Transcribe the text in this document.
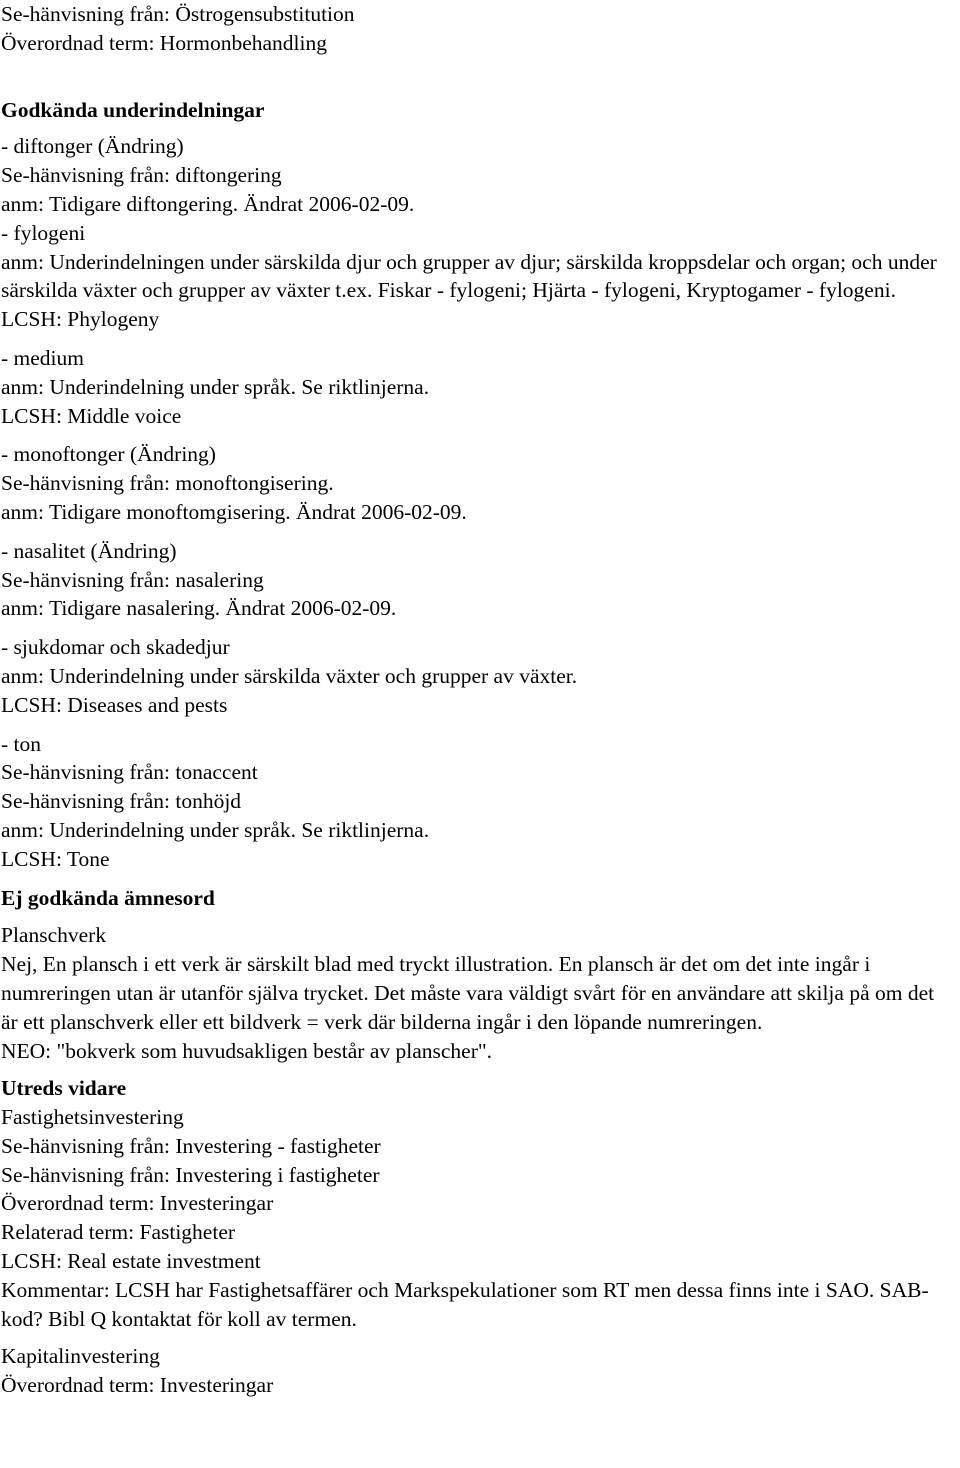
Se-hänvisning från: Östrogensubstitution
Överordnad term: Hormonbehandling
Godkända underindelningar
- diftonger (Ändring)
Se-hänvisning från: diftongering
anm: Tidigare diftongering. Ändrat 2006-02-09.
- fylogeni
anm: Underindelningen under särskilda djur och grupper av djur; särskilda kroppsdelar och organ; och under särskilda växter och grupper av växter t.ex. Fiskar - fylogeni; Hjärta - fylogeni, Kryptogamer - fylogeni.
LCSH: Phylogeny
- medium
anm: Underindelning under språk. Se riktlinjerna.
LCSH: Middle voice
- monoftonger (Ändring)
Se-hänvisning från: monoftongisering.
anm: Tidigare monoftomgisering. Ändrat 2006-02-09.
- nasalitet (Ändring)
Se-hänvisning från: nasalering
anm: Tidigare nasalering. Ändrat 2006-02-09.
- sjukdomar och skadedjur
anm: Underindelning under särskilda växter och grupper av växter.
LCSH: Diseases and pests
- ton
Se-hänvisning från: tonaccent
Se-hänvisning från: tonhöjd
anm: Underindelning under språk. Se riktlinjerna.
LCSH: Tone
Ej godkända ämnesord
Planschverk
Nej, En plansch i ett verk är särskilt blad med tryckt illustration. En plansch är det om det inte ingår i numreringen utan är utanför själva trycket. Det måste vara väldigt svårt för en användare att skilja på om det är ett planschverk eller ett bildverk = verk där bilderna ingår i den löpande numreringen.
NEO: "bokverk som huvudsakligen består av planscher".
Utreds vidare
Fastighetsinvestering
Se-hänvisning från: Investering - fastigheter
Se-hänvisning från: Investering i fastigheter
Överordnad term: Investeringar
Relaterad term: Fastigheter
LCSH: Real estate investment
Kommentar: LCSH har Fastighetsaffärer och Markspekulationer som RT men dessa finns inte i SAO. SAB-kod? Bibl Q kontaktat för koll av termen.
Kapitalinvestering
Överordnad term: Investeringar
